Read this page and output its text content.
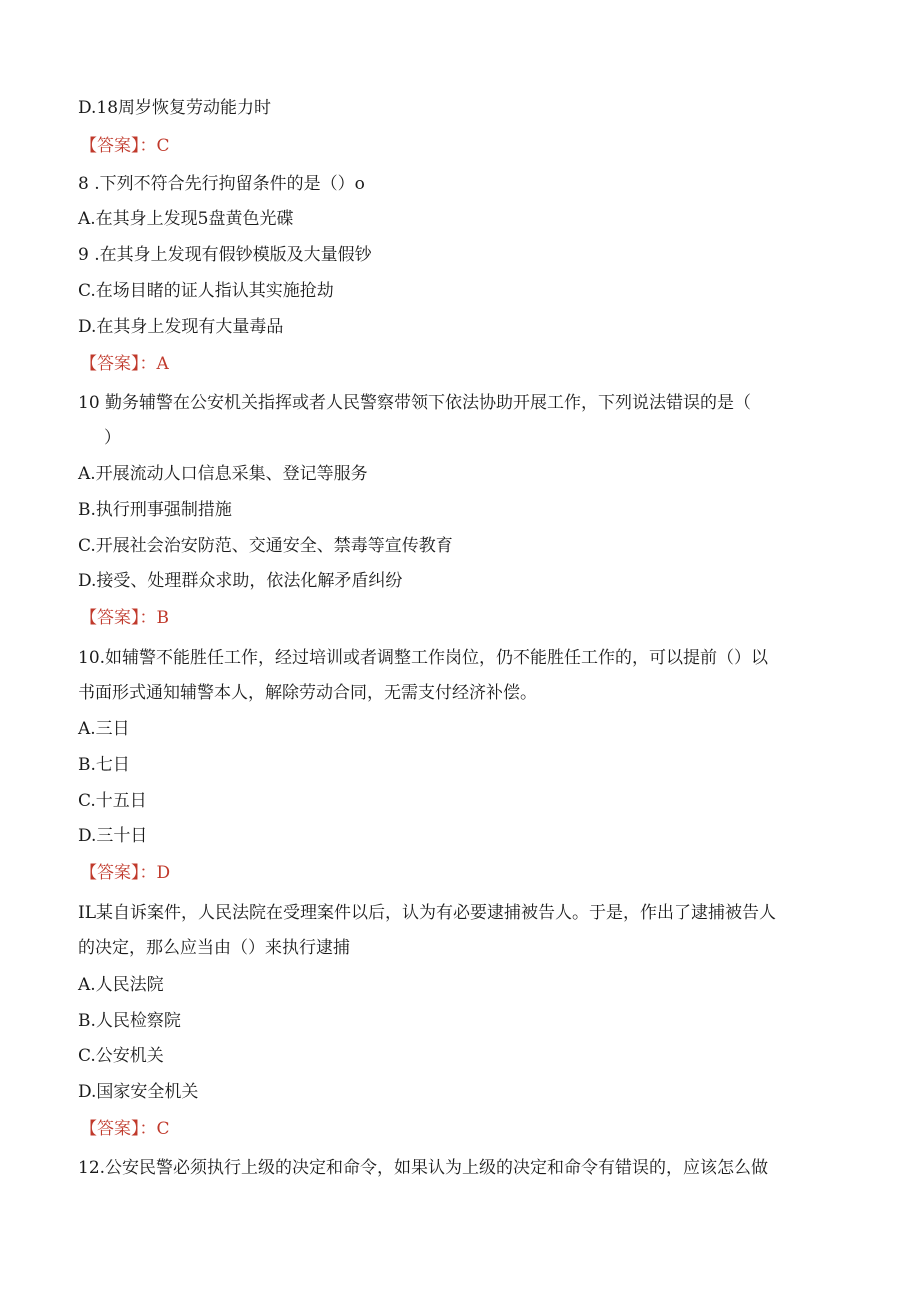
D.18周岁恢复劳动能力时
【答案】：C
8 .下列不符合先行拘留条件的是（）o
A.在其身上发现5盘黄色光碟
9 .在其身上发现有假钞模版及大量假钞
C.在场目睹的证人指认其实施抢劫
D.在其身上发现有大量毒品
【答案】：A
10 勤务辅警在公安机关指挥或者人民警察带领下依法协助开展工作，下列说法错误的是（
）
A.开展流动人口信息采集、登记等服务
B.执行刑事强制措施
C.开展社会治安防范、交通安全、禁毒等宣传教育
D.接受、处理群众求助，依法化解矛盾纠纷
【答案】：B
10.如辅警不能胜任工作，经过培训或者调整工作岗位，仍不能胜任工作的，可以提前（）以
书面形式通知辅警本人，解除劳动合同，无需支付经济补偿。
A.三日
B.七日
C.十五日
D.三十日
【答案】：D
IL某自诉案件，人民法院在受理案件以后，认为有必要逮捕被告人。于是，作出了逮捕被告人
的决定，那么应当由（）来执行逮捕
A.人民法院
B.人民检察院
C.公安机关
D.国家安全机关
【答案】：C
12.公安民警必须执行上级的决定和命令，如果认为上级的决定和命令有错误的，应该怎么做
